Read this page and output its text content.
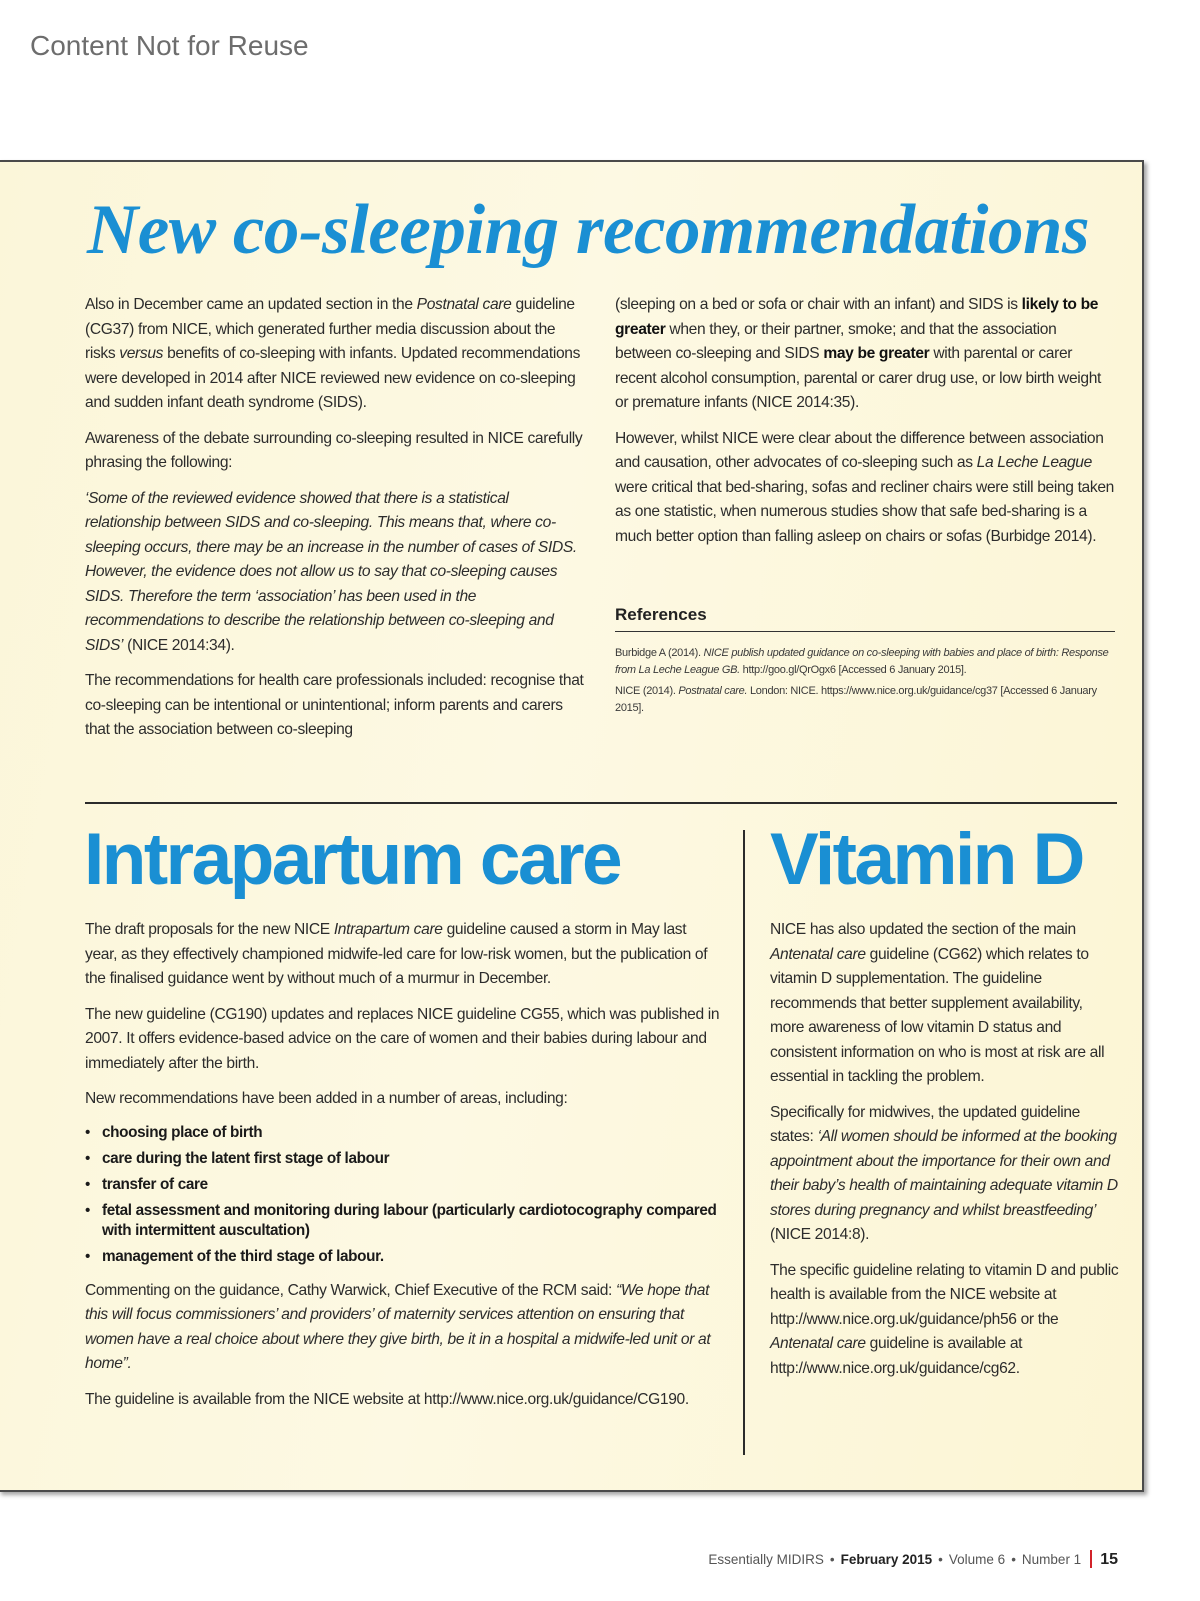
Content Not for Reuse
New co-sleeping recommendations

Also in December came an updated section in the Postnatal care guideline (CG37) from NICE, which generated further media discussion about the risks versus benefits of co-sleeping with infants. Updated recommendations were developed in 2014 after NICE reviewed new evidence on co-sleeping and sudden infant death syndrome (SIDS).

Awareness of the debate surrounding co-sleeping resulted in NICE carefully phrasing the following:

‘Some of the reviewed evidence showed that there is a statistical relationship between SIDS and co-sleeping. This means that, where co-sleeping occurs, there may be an increase in the number of cases of SIDS. However, the evidence does not allow us to say that co-sleeping causes SIDS. Therefore the term ‘association’ has been used in the recommendations to describe the relationship between co-sleeping and SIDS’ (NICE 2014:34).

The recommendations for health care professionals included: recognise that co-sleeping can be intentional or unintentional; inform parents and carers that the association between co-sleeping

(sleeping on a bed or sofa or chair with an infant) and SIDS is likely to be greater when they, or their partner, smoke; and that the association between co-sleeping and SIDS may be greater with parental or carer recent alcohol consumption, parental or carer drug use, or low birth weight or premature infants (NICE 2014:35).

However, whilst NICE were clear about the difference between association and causation, other advocates of co-sleeping such as La Leche League were critical that bed-sharing, sofas and recliner chairs were still being taken as one statistic, when numerous studies show that safe bed-sharing is a much better option than falling asleep on chairs or sofas (Burbidge 2014).

References

Burbidge A (2014). NICE publish updated guidance on co-sleeping with babies and place of birth: Response from La Leche League GB. http://goo.gl/QrOgx6 [Accessed 6 January 2015].

NICE (2014). Postnatal care. London: NICE. https://www.nice.org.uk/guidance/cg37 [Accessed 6 January 2015].

Intrapartum care Vitamin D

The draft proposals for the new NICE Intrapartum care guideline caused a storm in May last year, as they effectively championed midwife-led care for low-risk women, but the publication of the finalised guidance went by without much of a murmur in December.

The new guideline (CG190) updates and replaces NICE guideline CG55, which was published in 2007. It offers evidence-based advice on the care of women and their babies during labour and immediately after the birth.

New recommendations have been added in a number of areas, including:

• choosing place of birth
• care during the latent first stage of labour
• transfer of care
• fetal assessment and monitoring during labour (particularly cardiotocography compared with intermittent auscultation)
• management of the third stage of labour.

Commenting on the guidance, Cathy Warwick, Chief Executive of the RCM said: “We hope that this will focus commissioners’ and providers’ of maternity services attention on ensuring that women have a real choice about where they give birth, be it in a hospital a midwife-led unit or at home”.

The guideline is available from the NICE website at http://www.nice.org.uk/guidance/CG190.

NICE has also updated the section of the main Antenatal care guideline (CG62) which relates to vitamin D supplementation. The guideline recommends that better supplement availability, more awareness of low vitamin D status and consistent information on who is most at risk are all essential in tackling the problem.

Specifically for midwives, the updated guideline states: ‘All women should be informed at the booking appointment about the importance for their own and their baby’s health of maintaining adequate vitamin D stores during pregnancy and whilst breastfeeding’ (NICE 2014:8).

The specific guideline relating to vitamin D and public health is available from the NICE website at http://www.nice.org.uk/guidance/ph56 or the Antenatal care guideline is available at http://www.nice.org.uk/guidance/cg62.

Essentially MIDIRS • February 2015 • Volume 6 • Number 1 15
